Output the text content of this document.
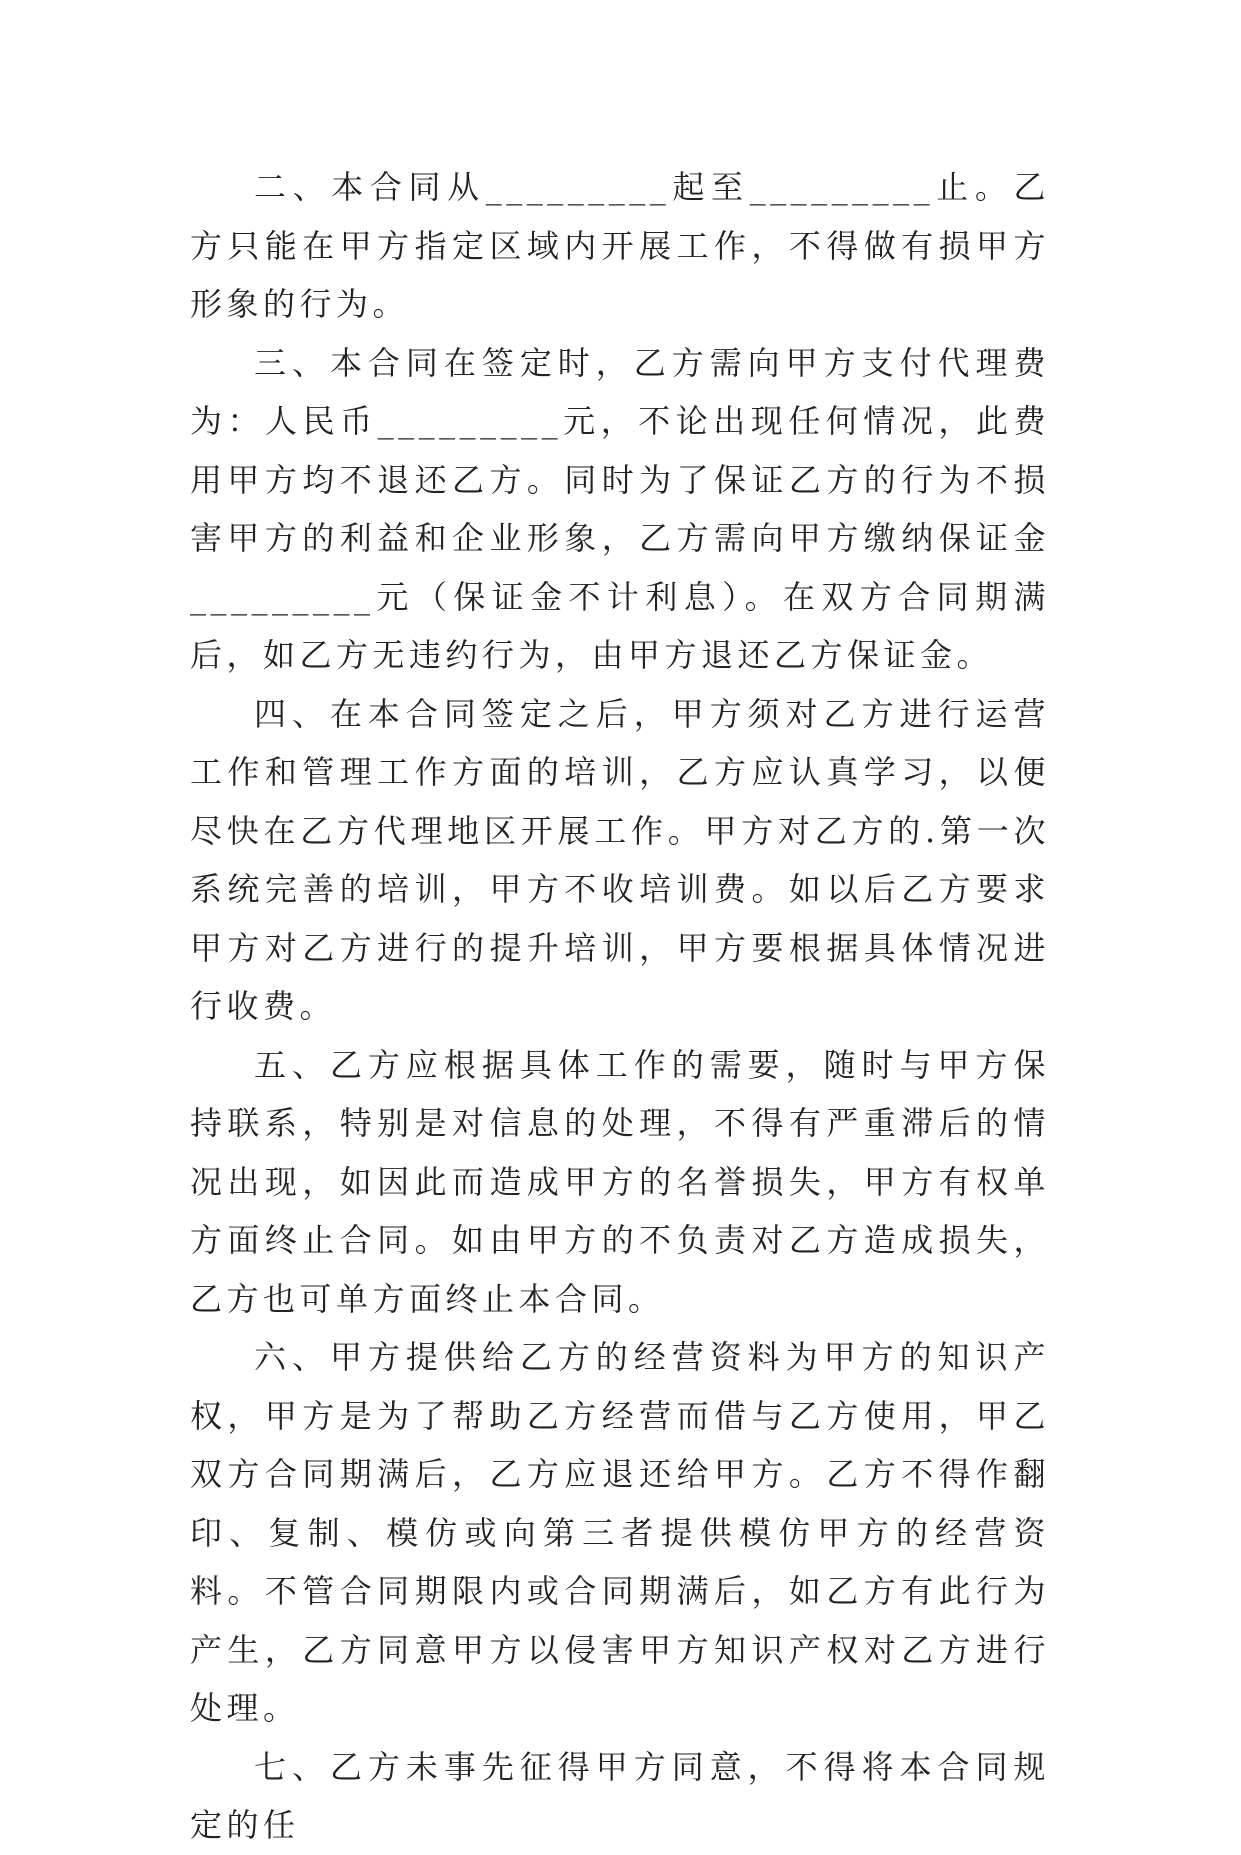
二、本合同从_________起至_________止。乙方只能在甲方指定区域内开展工作，不得做有损甲方形象的行为。

三、本合同在签定时，乙方需向甲方支付代理费为：人民币_________元，不论出现任何情况，此费用甲方均不退还乙方。同时为了保证乙方的行为不损害甲方的利益和企业形象，乙方需向甲方缴纳保证金_________元（保证金不计利息）。在双方合同期满后，如乙方无违约行为，由甲方退还乙方保证金。

四、在本合同签定之后，甲方须对乙方进行运营工作和管理工作方面的培训，乙方应认真学习，以便尽快在乙方代理地区开展工作。甲方对乙方的.第一次系统完善的培训，甲方不收培训费。如以后乙方要求甲方对乙方进行的提升培训，甲方要根据具体情况进行收费。

五、乙方应根据具体工作的需要，随时与甲方保持联系，特别是对信息的处理，不得有严重滞后的情况出现，如因此而造成甲方的名誉损失，甲方有权单方面终止合同。如由甲方的不负责对乙方造成损失，乙方也可单方面终止本合同。

六、甲方提供给乙方的经营资料为甲方的知识产权，甲方是为了帮助乙方经营而借与乙方使用，甲乙双方合同期满后，乙方应退还给甲方。乙方不得作翻印、复制、模仿或向第三者提供模仿甲方的经营资料。不管合同期限内或合同期满后，如乙方有此行为产生，乙方同意甲方以侵害甲方知识产权对乙方进行处理。

七、乙方未事先征得甲方同意，不得将本合同规定的任
